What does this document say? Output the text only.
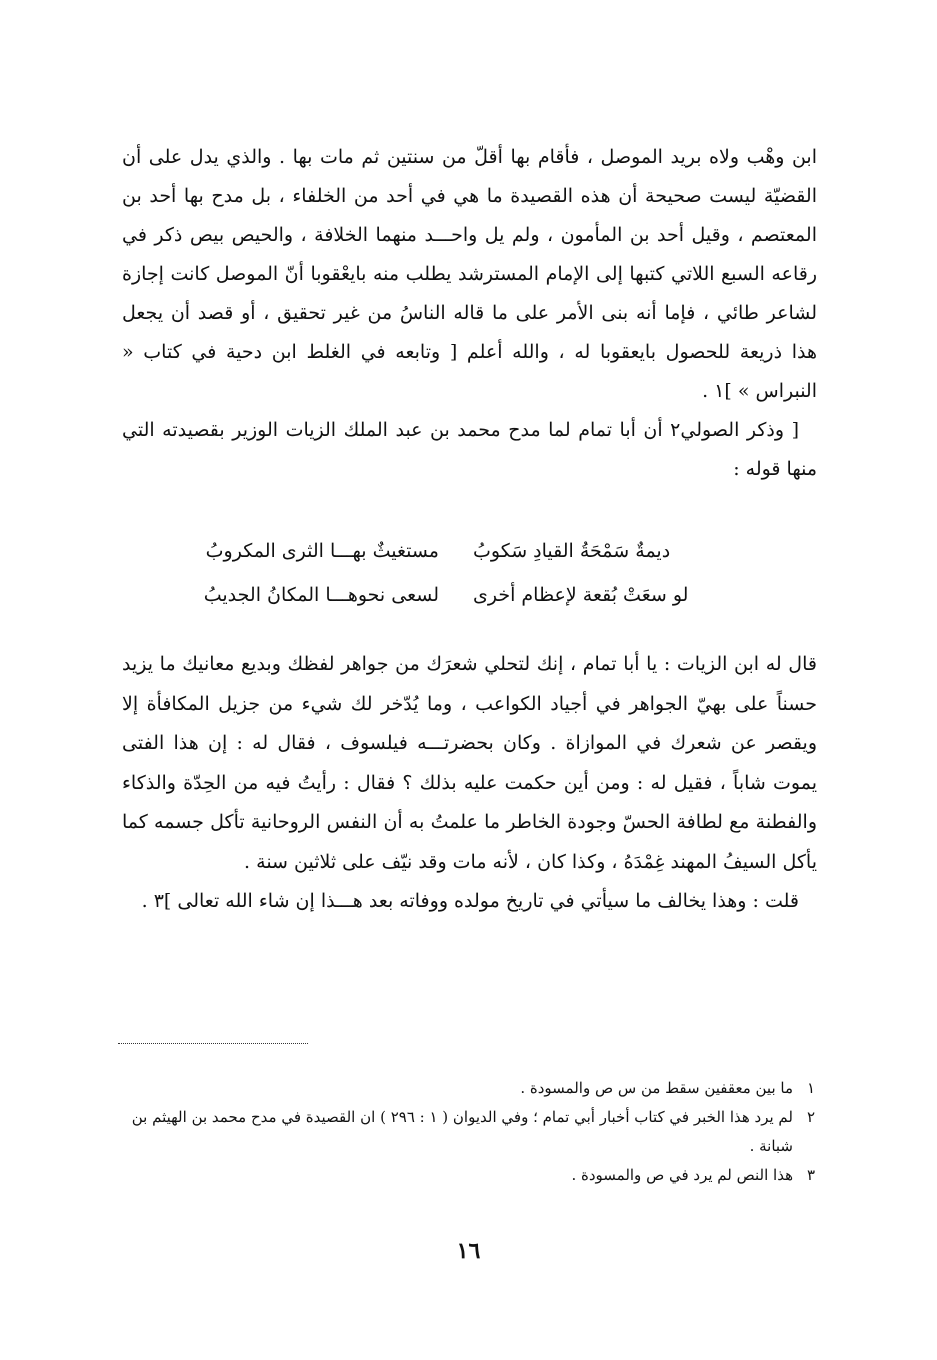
ابن وهْب ولاه بريد الموصل ، فأقام بها أقلّ من سنتين ثم مات بها . والذي يدل على أن القضيّة ليست صحيحة أن هذه القصيدة ما هي في أحد من الخلفاء ، بل مدح بها أحد بن المعتصم ، وقيل أحد بن المأمون ، ولم يل واحـــد منهما الخلافة ، والحيص بيص ذكر في رقاعه السبع اللاتي كتبها إلى الإمام المسترشد يطلب منه بايعْقوبا أنّ الموصل كانت إجازة لشاعر طائي ، فإما أنه بنى الأمر على ما قاله الناسُ من غير تحقيق ، أو قصد أن يجعل هذا ذريعة للحصول بايعقوبا له ، والله أعلم [ وتابعه في الغلط ابن دحية في كتاب « النبراس » ]١ .

[ وذكر الصولي٢ أن أبا تمام لما مدح محمد بن عبد الملك الزيات الوزير بقصيدته التي منها قوله :

ديمةٌ سَمْحَةُ القيادِ سَكوبُ
مستغيثٌ بهـــا الثرى المكروبُ
لو سعَتْ بُقعة لإعظام أخرى
لسعى نحوهـــا المكانُ الجديبُ

قال له ابن الزيات : يا أبا تمام ، إنك لتحلي شعرَك من جواهر لفظك وبديع معانيك ما يزيد حسناً على بهيّ الجواهر في أجياد الكواعب ، وما يُدّخر لك شيء من جزيل المكافأة إلا ويقصر عن شعرك في الموازاة . وكان بحضرتـــه فيلسوف ، فقال له : إن هذا الفتى يموت شاباً ، فقيل له : ومن أين حكمت عليه بذلك ؟ فقال : رأيتُ فيه من الحِدّة والذكاء والفطنة مع لطافة الحسّ وجودة الخاطر ما علمتُ به أن النفس الروحانية تأكل جسمه كما يأكل السيفُ المهند غِمْدَهُ ، وكذا كان ، لأنه مات وقد نيّف على ثلاثين سنة .

قلت : وهذا يخالف ما سيأتي في تاريخ مولده ووفاته بعد هـــذا إن شاء الله تعالى ]٣ .

١
ما بين معقفين سقط من س ص والمسودة .
٢
لم يرد هذا الخبر في كتاب أخبار أبي تمام ؛ وفي الديوان ( ١ : ٢٩٦ ) ان القصيدة في مدح محمد بن الهيثم بن شبانة .
٣
هذا النص لم يرد في ص والمسودة .
١٦
